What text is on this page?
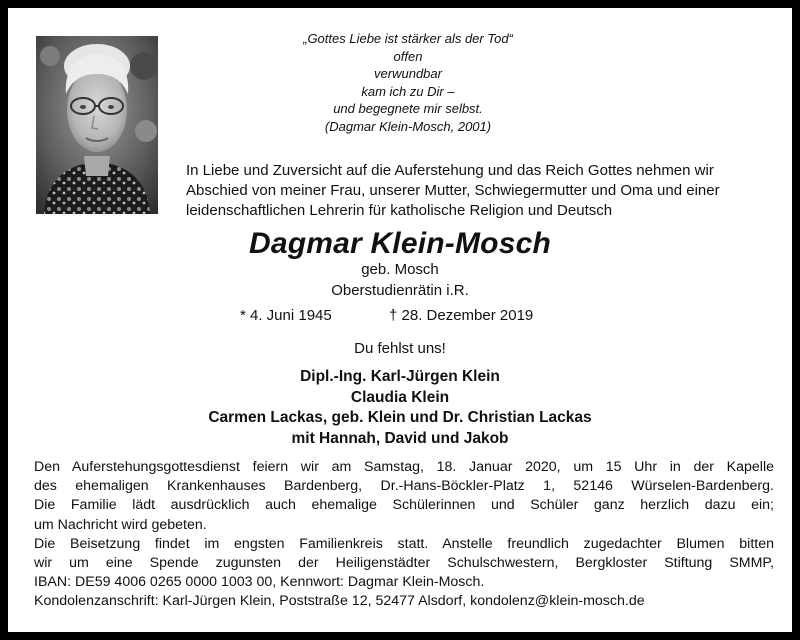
„Gottes Liebe ist stärker als der Tod“
offen
verwundbar
kam ich zu Dir –
und begegnete mir selbst.
(Dagmar Klein-Mosch, 2001)
In Liebe und Zuversicht auf die Auferstehung und das Reich Gottes nehmen wir
Abschied von meiner Frau, unserer Mutter, Schwiegermutter und Oma und einer
leidenschaftlichen Lehrerin für katholische Religion und Deutsch
Dagmar Klein-Mosch
geb. Mosch
Oberstudienrätin i.R.
* 4. Juni 1945	† 28. Dezember 2019
Du fehlst uns!
Dipl.-Ing. Karl-Jürgen Klein
Claudia Klein
Carmen Lackas, geb. Klein und Dr. Christian Lackas
mit Hannah, David und Jakob
Den Auferstehungsgottesdienst feiern wir am Samstag, 18. Januar 2020, um 15 Uhr in der Kapelle
des ehemaligen Krankenhauses Bardenberg, Dr.-Hans-Böckler-Platz 1, 52146 Würselen-Bardenberg.
Die Familie lädt ausdrücklich auch ehemalige Schülerinnen und Schüler ganz herzlich dazu ein;
um Nachricht wird gebeten.
Die Beisetzung findet im engsten Familienkreis statt. Anstelle freundlich zugedachter Blumen bitten
wir um eine Spende zugunsten der Heiligenstädter Schulschwestern, Bergkloster Stiftung SMMP,
IBAN: DE59 4006 0265 0000 1003 00, Kennwort: Dagmar Klein-Mosch.
Kondolenzanschrift: Karl-Jürgen Klein, Poststraße 12, 52477 Alsdorf, kondolenz@klein-mosch.de
